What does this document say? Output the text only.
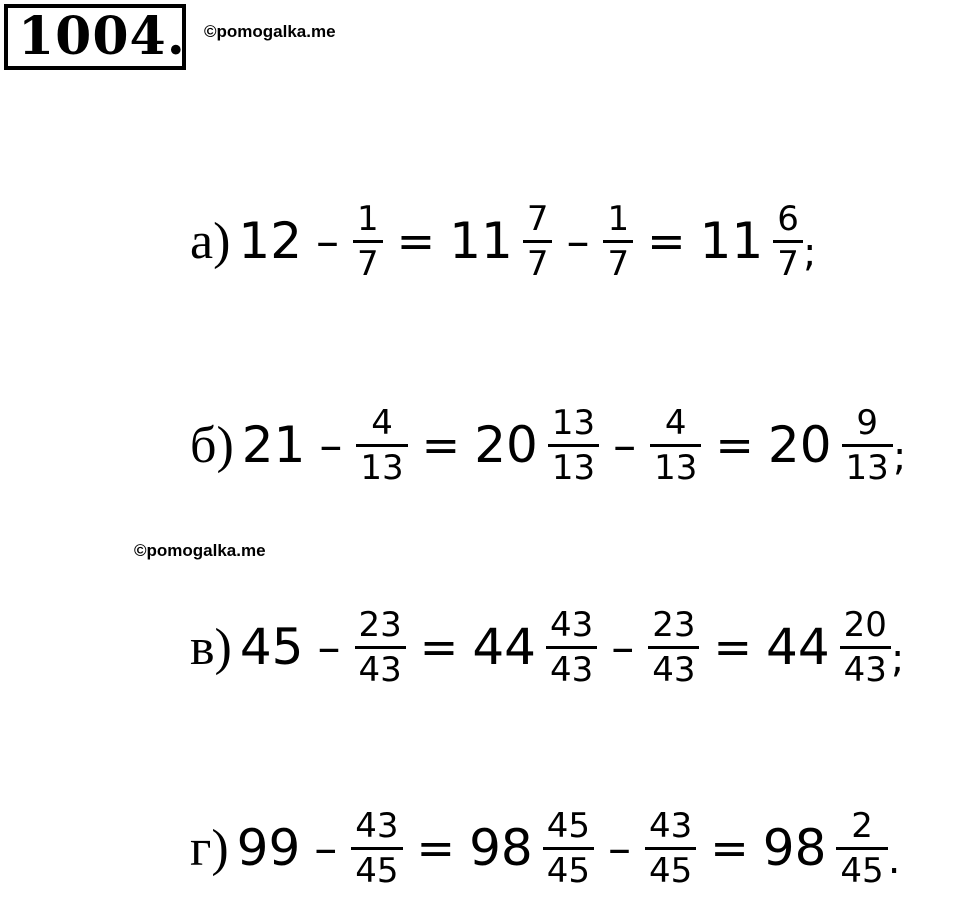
1004. ©pomogalka.me
©pomogalka.me
а) $12 - \frac{1}{7} = 11 \frac{7}{7} - \frac{1}{7} = 11 \frac{6}{7}$ ;
б) $21 - \frac{4}{13} = 20 \frac{13}{13} - \frac{4}{13} = 20 \frac{9}{13}$ ;
в) $45 - \frac{23}{43} = 44 \frac{43}{43} - \frac{23}{43} = 44 \frac{20}{43}$ ;
г) $99 - \frac{43}{45} = 98 \frac{45}{45} - \frac{43}{45} = 98 \frac{2}{45}$ .
